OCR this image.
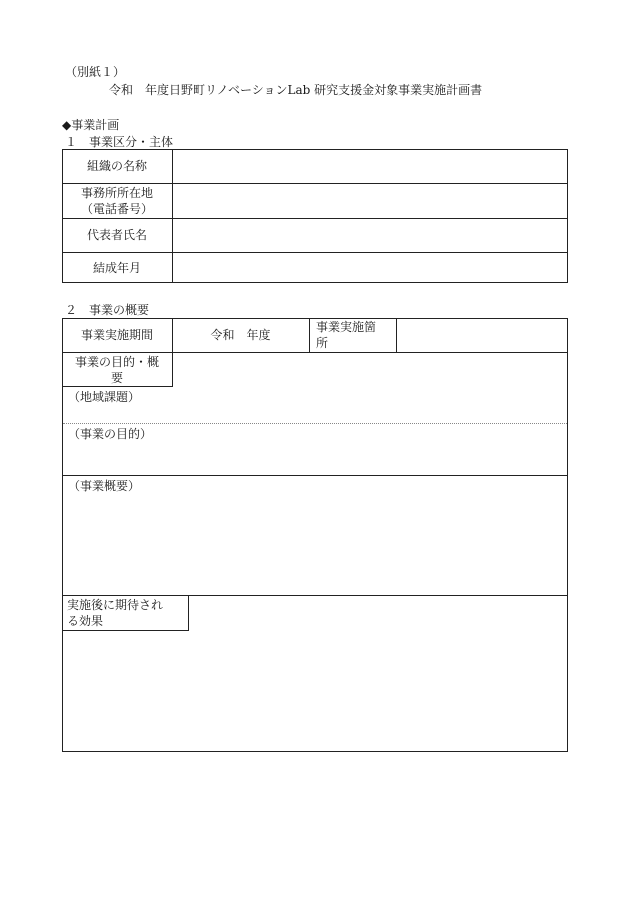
（別紙１）
令和　年度日野町リノベーションLab 研究支援金対象事業実施計画書
◆事業計画
１　事業区分・主体
組織の名称
事務所所在地
（電話番号）
代表者氏名
結成年月
２　事業の概要
事業実施期間	令和　年度
事業実施箇
所
事業の目的・概
要
（地域課題）
（事業の目的）
（事業概要）
実施後に期待され
る効果
